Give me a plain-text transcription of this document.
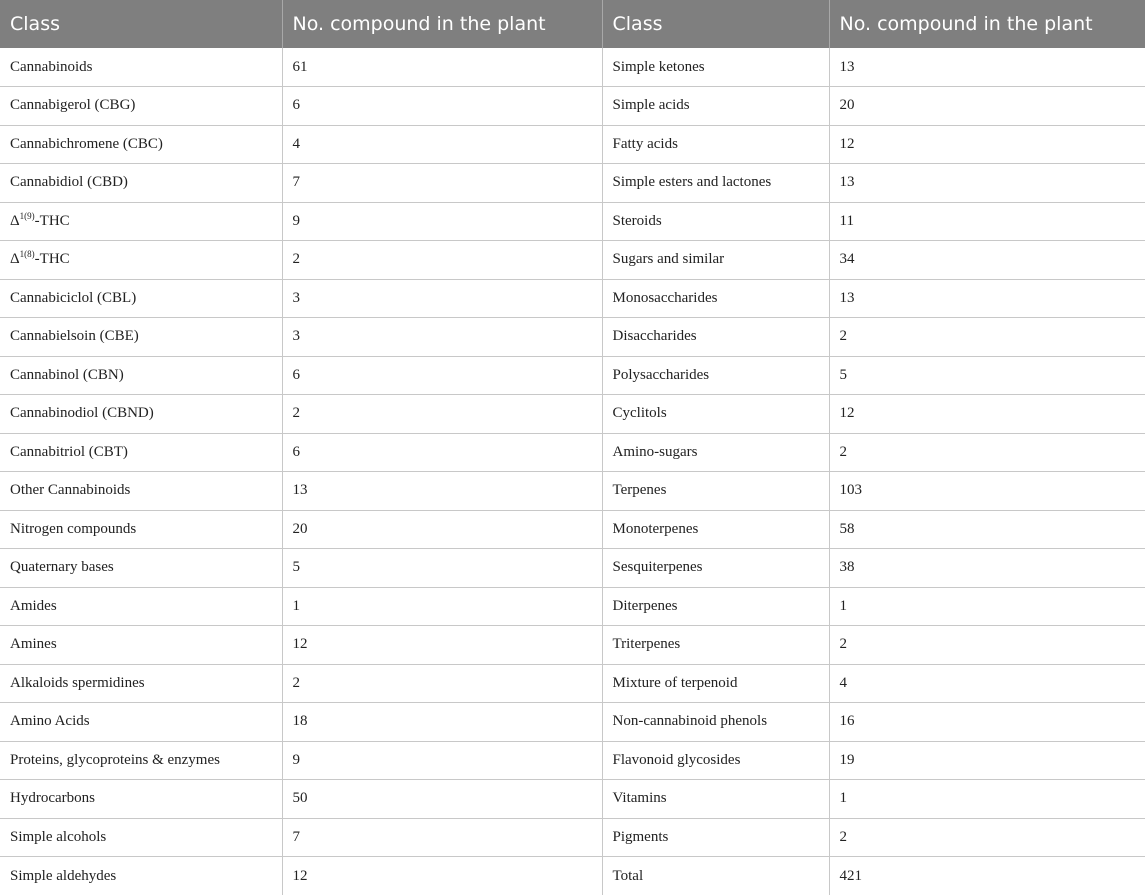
Class	No. compound in the plant	Class	No. compound in the plant
Cannabinoids	61	Simple ketones	13
Cannabigerol (CBG)	6	Simple acids	20
Cannabichromene (CBC)	4	Fatty acids	12
Cannabidiol (CBD)	7	Simple esters and lactones	13
$\Delta^{1(9)}$-THC	9	Steroids	11
$\Delta^{1(8)}$-THC	2	Sugars and similar	34
Cannabiciclol (CBL)	3	Monosaccharides	13
Cannabielsoin (CBE)	3	Disaccharides	2
Cannabinol (CBN)	6	Polysaccharides	5
Cannabinodiol (CBND)	2	Cyclitols	12
Cannabitriol (CBT)	6	Amino-sugars	2
Other Cannabinoids	13	Terpenes	103
Nitrogen compounds	20	Monoterpenes	58
Quaternary bases	5	Sesquiterpenes	38
Amides	1	Diterpenes	1
Amines	12	Triterpenes	2
Alkaloids spermidines	2	Mixture of terpenoid	4
Amino Acids	18	Non-cannabinoid phenols	16
Proteins, glycoproteins & enzymes	9	Flavonoid glycosides	19
Hydrocarbons	50	Vitamins	1
Simple alcohols	7	Pigments	2
Simple aldehydes	12	Total	421
